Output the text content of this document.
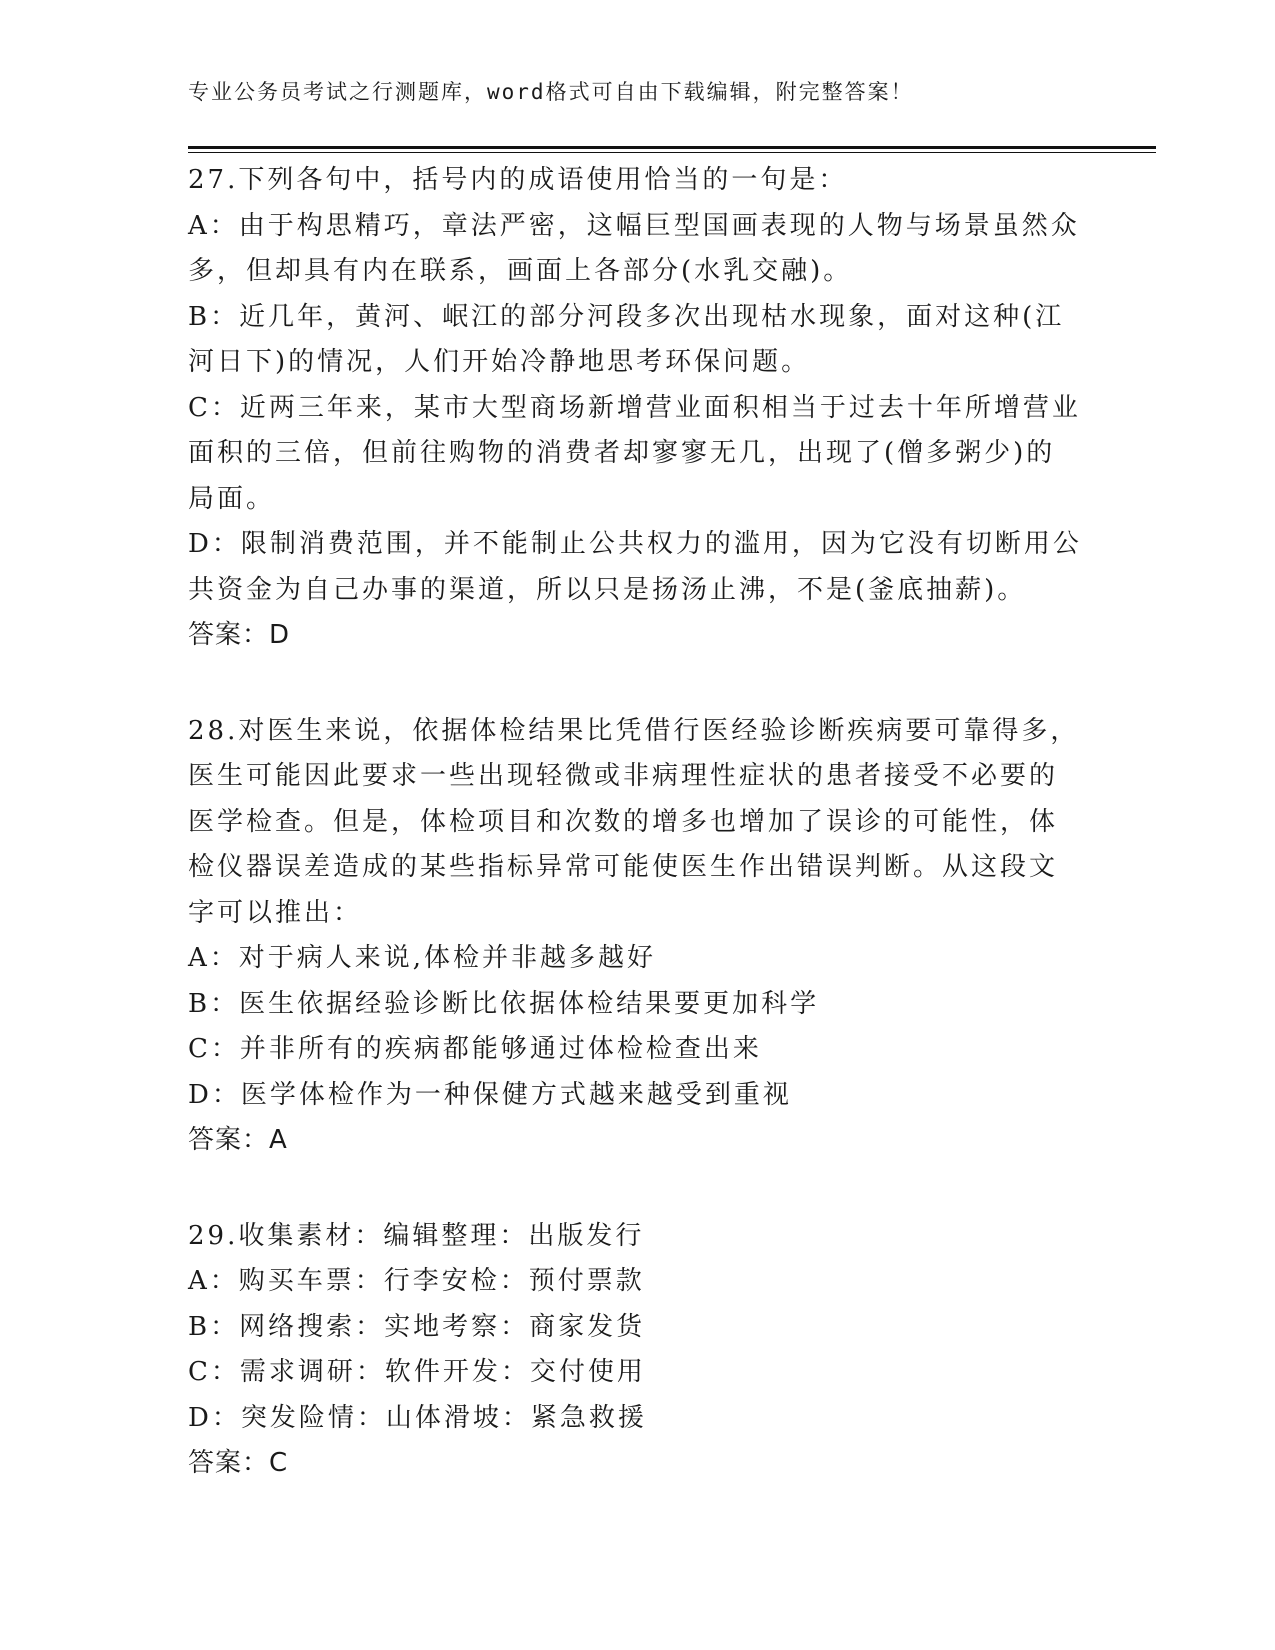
专业公务员考试之行测题库，word格式可自由下载编辑，附完整答案！
27.下列各句中，括号内的成语使用恰当的一句是：
A：由于构思精巧，章法严密，这幅巨型国画表现的人物与场景虽然众
多，但却具有内在联系，画面上各部分(水乳交融)。
B：近几年，黄河、岷江的部分河段多次出现枯水现象，面对这种(江
河日下)的情况，人们开始冷静地思考环保问题。
C：近两三年来，某市大型商场新增营业面积相当于过去十年所增营业
面积的三倍，但前往购物的消费者却寥寥无几，出现了(僧多粥少)的
局面。
D：限制消费范围，并不能制止公共权力的滥用，因为它没有切断用公
共资金为自己办事的渠道，所以只是扬汤止沸，不是(釜底抽薪)。
答案：D
28.对医生来说，依据体检结果比凭借行医经验诊断疾病要可靠得多，
医生可能因此要求一些出现轻微或非病理性症状的患者接受不必要的
医学检查。但是，体检项目和次数的增多也增加了误诊的可能性，体
检仪器误差造成的某些指标异常可能使医生作出错误判断。从这段文
字可以推出：
A：对于病人来说,体检并非越多越好
B：医生依据经验诊断比依据体检结果要更加科学
C：并非所有的疾病都能够通过体检检查出来
D：医学体检作为一种保健方式越来越受到重视
答案：A
29.收集素材：编辑整理：出版发行
A：购买车票：行李安检：预付票款
B：网络搜索：实地考察：商家发货
C：需求调研：软件开发：交付使用
D：突发险情：山体滑坡：紧急救援
答案：C
